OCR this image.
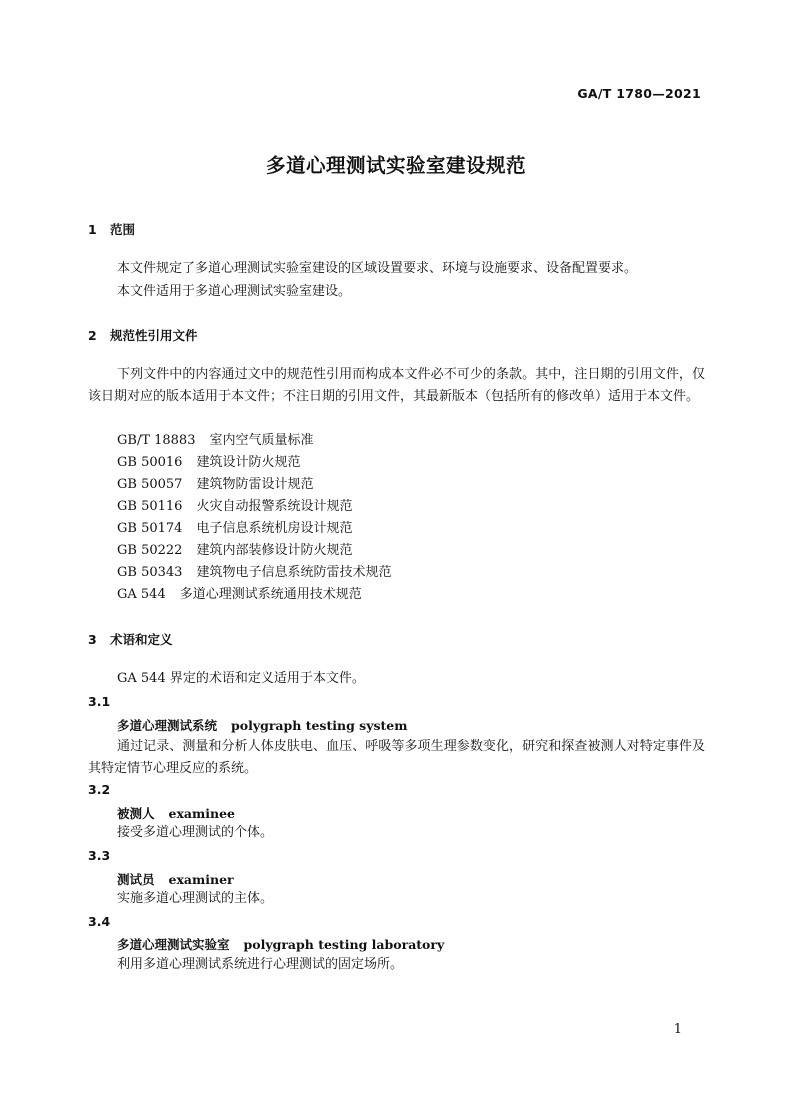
GA/T 1780—2021
多道心理测试实验室建设规范
1 范围
本文件规定了多道心理测试实验室建设的区域设置要求、环境与设施要求、设备配置要求。
本文件适用于多道心理测试实验室建设。
2 规范性引用文件

下列文件中的内容通过文中的规范性引用而构成本文件必不可少的条款。其中，注日期的引用文件，仅该日期对应的版本适用于本文件；不注日期的引用文件，其最新版本（包括所有的修改单）适用于本文件。

GB/T 18883 室内空气质量标准
GB 50016 建筑设计防火规范
GB 50057 建筑物防雷设计规范
GB 50116 火灾自动报警系统设计规范
GB 50174 电子信息系统机房设计规范
GB 50222 建筑内部装修设计防火规范
GB 50343 建筑物电子信息系统防雷技术规范
GA 544 多道心理测试系统通用技术规范
3 术语和定义
GA 544 界定的术语和定义适用于本文件。
3.1
多道心理测试系统 polygraph testing system

通过记录、测量和分析人体皮肤电、血压、呼吸等多项生理参数变化，研究和探查被测人对特定事件及其特定情节心理反应的系统。

3.2
被测人 examinee
接受多道心理测试的个体。
3.3
测试员 examiner
实施多道心理测试的主体。
3.4
多道心理测试实验室 polygraph testing laboratory
利用多道心理测试系统进行心理测试的固定场所。
1
